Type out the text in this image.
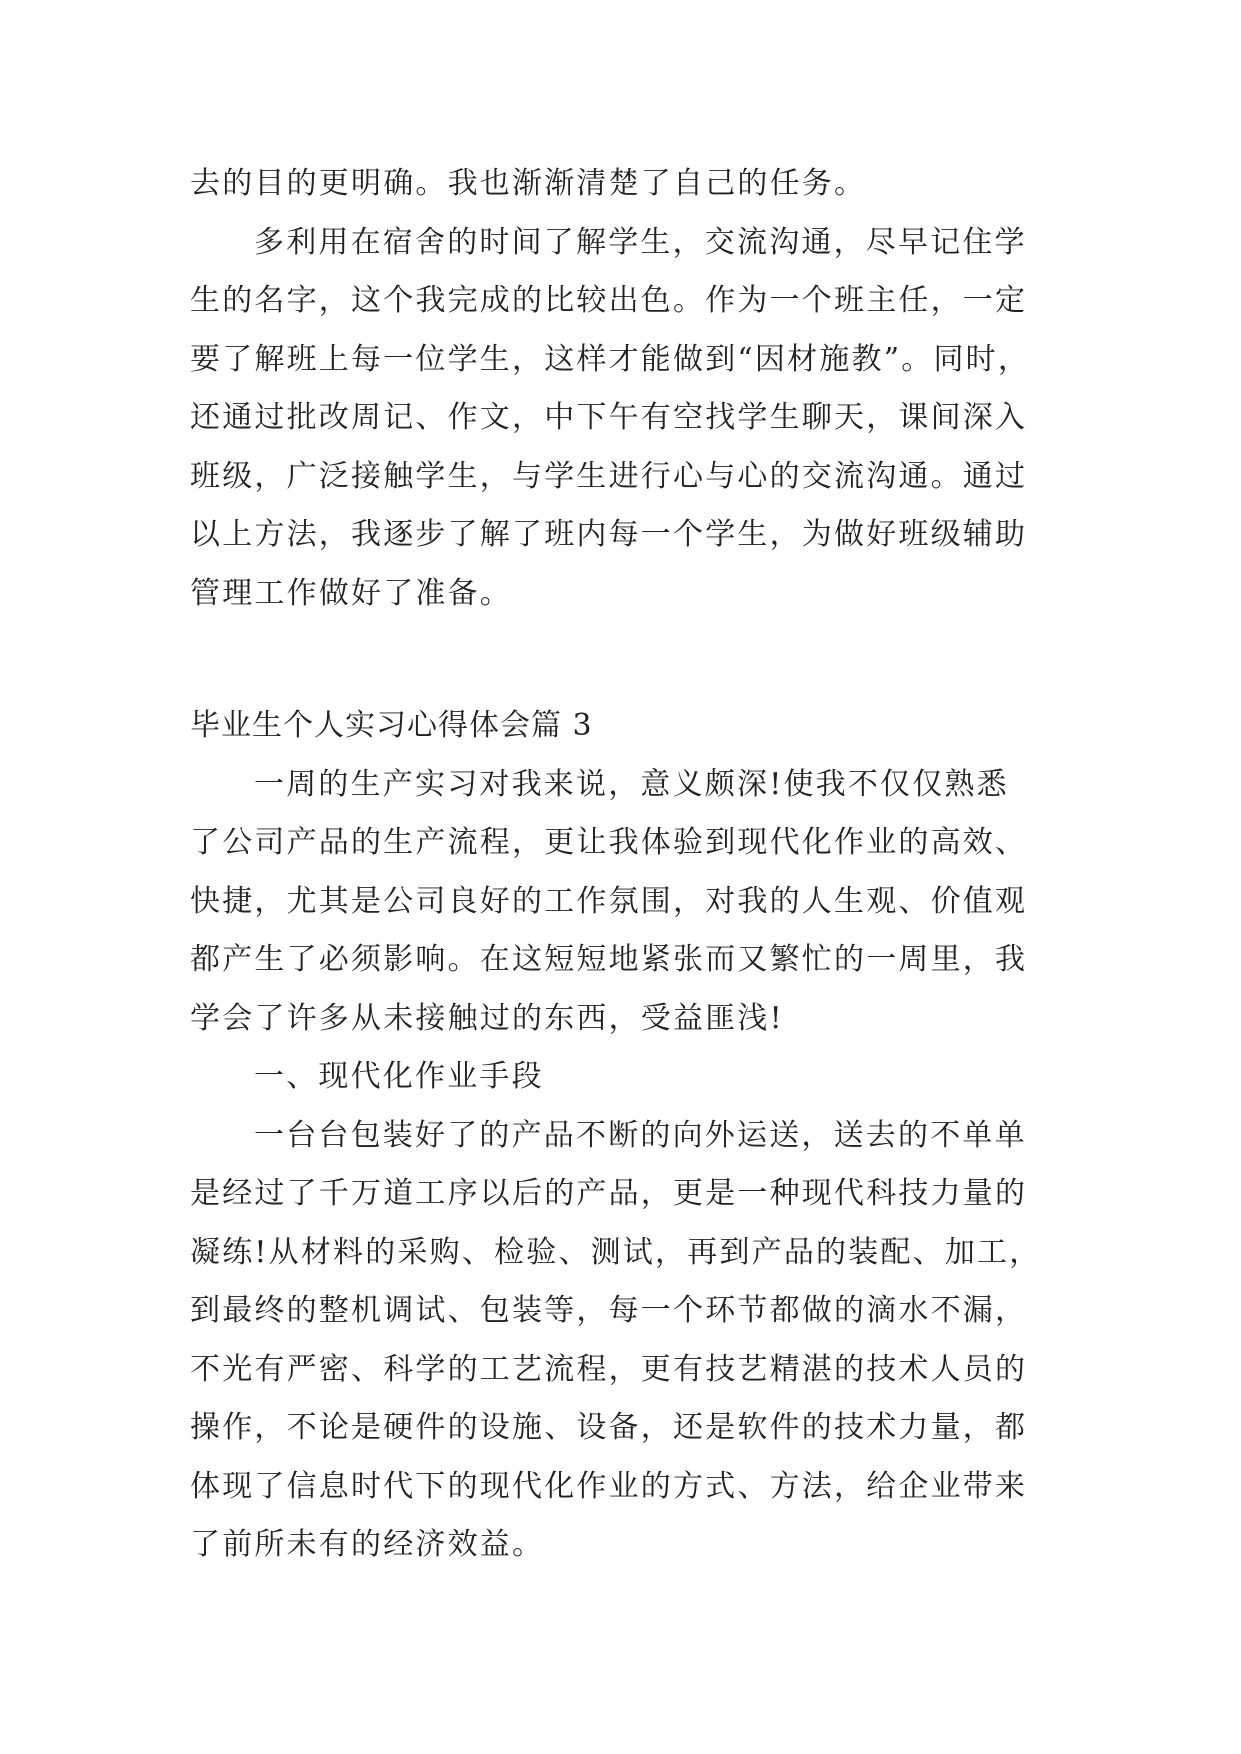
去的目的更明确。我也渐渐清楚了自己的任务。
多利用在宿舍的时间了解学生，交流沟通，尽早记住学
生的名字，这个我完成的比较出色。作为一个班主任，一定
要了解班上每一位学生，这样才能做到“因材施教”。同时，
还通过批改周记、作文，中下午有空找学生聊天，课间深入
班级，广泛接触学生，与学生进行心与心的交流沟通。通过
以上方法，我逐步了解了班内每一个学生，为做好班级辅助
管理工作做好了准备。
毕业生个人实习心得体会篇 3
一周的生产实习对我来说，意义颇深!使我不仅仅熟悉
了公司产品的生产流程，更让我体验到现代化作业的高效、
快捷，尤其是公司良好的工作氛围，对我的人生观、价值观
都产生了必须影响。在这短短地紧张而又繁忙的一周里，我
学会了许多从未接触过的东西，受益匪浅!
一、现代化作业手段
一台台包装好了的产品不断的向外运送，送去的不单单
是经过了千万道工序以后的产品，更是一种现代科技力量的
凝练!从材料的采购、检验、测试，再到产品的装配、加工，
到最终的整机调试、包装等，每一个环节都做的滴水不漏，
不光有严密、科学的工艺流程，更有技艺精湛的技术人员的
操作，不论是硬件的设施、设备，还是软件的技术力量，都
体现了信息时代下的现代化作业的方式、方法，给企业带来
了前所未有的经济效益。
